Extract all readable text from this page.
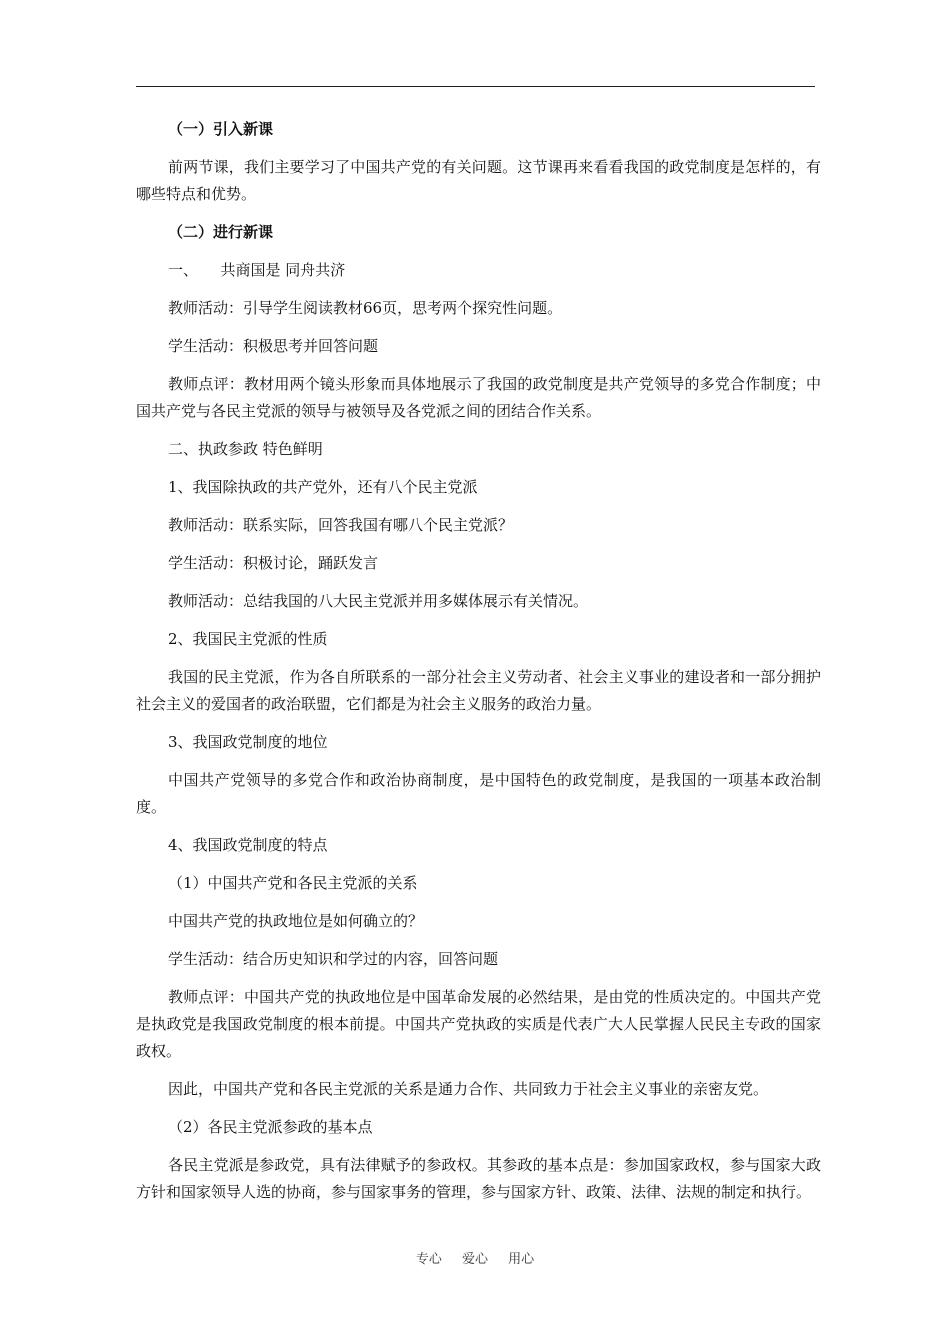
（一）引入新课

前两节课，我们主要学习了中国共产党的有关问题。这节课再来看看我国的政党制度是怎样的，有哪些特点和优势。

（二）进行新课

一、　　共商国是 同舟共济

教师活动：引导学生阅读教材66页，思考两个探究性问题。

学生活动：积极思考并回答问题

教师点评：教材用两个镜头形象而具体地展示了我国的政党制度是共产党领导的多党合作制度；中国共产党与各民主党派的领导与被领导及各党派之间的团结合作关系。

二、执政参政 特色鲜明

1、我国除执政的共产党外，还有八个民主党派

教师活动：联系实际，回答我国有哪八个民主党派？

学生活动：积极讨论，踊跃发言

教师活动：总结我国的八大民主党派并用多媒体展示有关情况。

2、我国民主党派的性质

我国的民主党派，作为各自所联系的一部分社会主义劳动者、社会主义事业的建设者和一部分拥护社会主义的爱国者的政治联盟，它们都是为社会主义服务的政治力量。

3、我国政党制度的地位

中国共产党领导的多党合作和政治协商制度，是中国特色的政党制度，是我国的一项基本政治制度。

4、我国政党制度的特点

（1）中国共产党和各民主党派的关系

中国共产党的执政地位是如何确立的？

学生活动：结合历史知识和学过的内容，回答问题

教师点评：中国共产党的执政地位是中国革命发展的必然结果，是由党的性质决定的。中国共产党是执政党是我国政党制度的根本前提。中国共产党执政的实质是代表广大人民掌握人民民主专政的国家政权。

因此，中国共产党和各民主党派的关系是通力合作、共同致力于社会主义事业的亲密友党。

（2）各民主党派参政的基本点

各民主党派是参政党，具有法律赋予的参政权。其参政的基本点是：参加国家政权，参与国家大政方针和国家领导人选的协商，参与国家事务的管理，参与国家方针、政策、法律、法规的制定和执行。

专心 爱心 用心
